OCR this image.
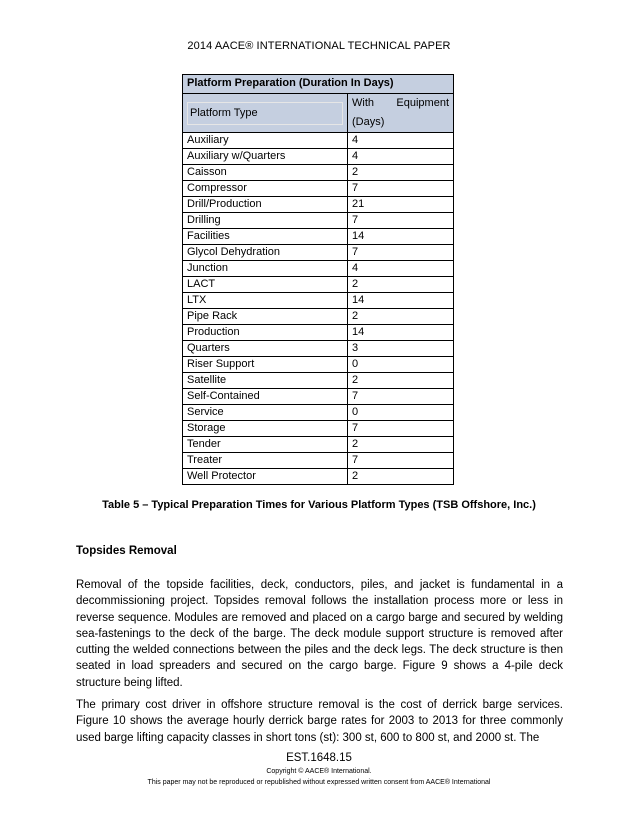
2014 AACE® INTERNATIONAL TECHNICAL PAPER
Platform Preparation (Duration In Days)	

Platform Type	With Equipment
(Days)

Auxiliary	4
Auxiliary w/Quarters	4
Caisson	2
Compressor	7
Drill/Production	21
Drilling	7
Facilities	14
Glycol Dehydration	7
Junction	4
LACT	2
LTX	14
Pipe Rack	2
Production	14
Quarters	3
Riser Support	0
Satellite	2
Self-Contained	7
Service	0
Storage	7
Tender	2
Treater	7
Well Protector	2
Table 5 – Typical Preparation Times for Various Platform Types (TSB Offshore, Inc.)
Topsides Removal
Removal of the topside facilities, deck, conductors, piles, and jacket is fundamental in a decommissioning project. Topsides removal follows the installation process more or less in reverse sequence. Modules are removed and placed on a cargo barge and secured by welding sea-fastenings to the deck of the barge. The deck module support structure is removed after cutting the welded connections between the piles and the deck legs. The deck structure is then seated in load spreaders and secured on the cargo barge. Figure 9 shows a 4-pile deck structure being lifted.
The primary cost driver in offshore structure removal is the cost of derrick barge services. Figure 10 shows the average hourly derrick barge rates for 2003 to 2013 for three commonly used barge lifting capacity classes in short tons (st): 300 st, 600 to 800 st, and 2000 st. The
EST.1648.15
Copyright © AACE® International.
This paper may not be reproduced or republished without expressed written consent from AACE® International
